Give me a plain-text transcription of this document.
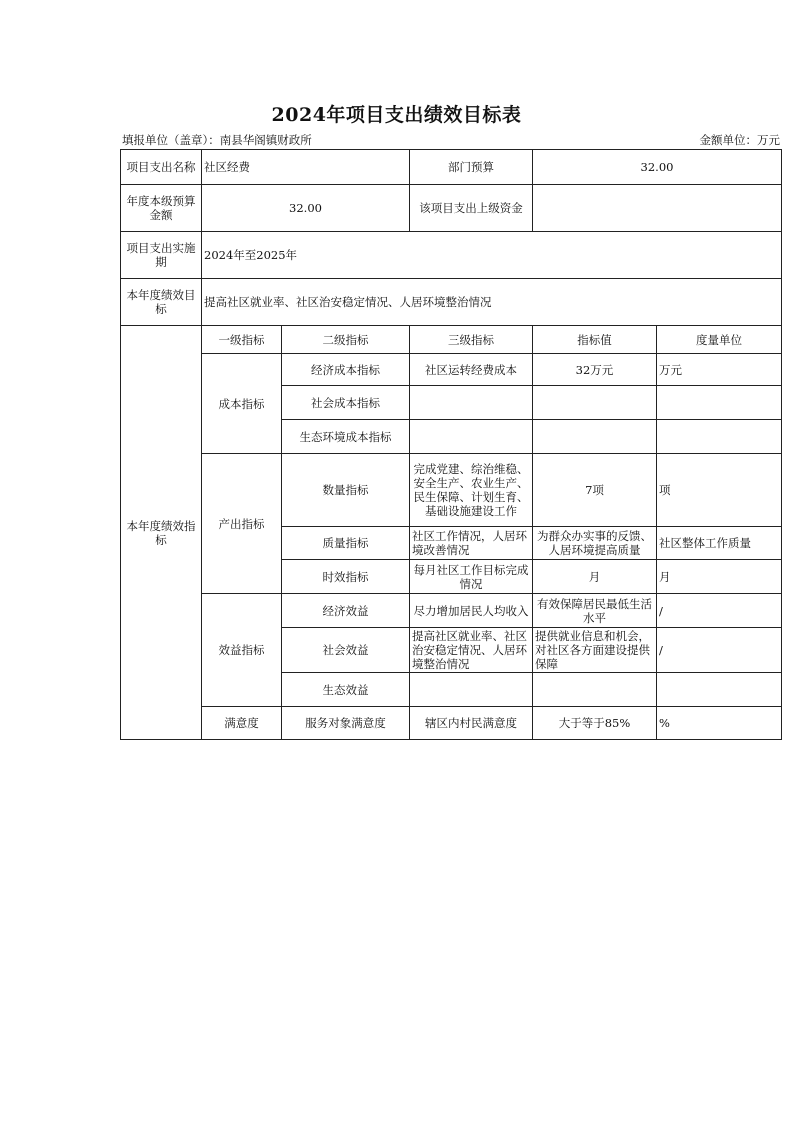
2024年项目支出绩效目标表
填报单位（盖章）：南县华阁镇财政所	金额单位：万元
项目支出名称	社区经费		部门预算	32.00	
年度本级预算金额	32.00		该项目支出上级资金		
项目支出实施期	2024年至2025年				
本年度绩效目标	提高社区就业率、社区治安稳定情况、人居环境整治情况				
本年度绩效指标	一级指标	二级指标	三级指标	指标值	度量单位
	成本指标	经济成本指标	社区运转经费成本	32万元	万元
		社会成本指标			
		生态环境成本指标			
	产出指标	数量指标	完成党建、综治维稳、安全生产、农业生产、民生保障、计划生育、基础设施建设工作	7项	项
		质量指标	社区工作情况，人居环境改善情况	为群众办实事的反馈、人居环境提高质量	社区整体工作质量
		时效指标	每月社区工作目标完成情况	月	月
	效益指标	经济效益	尽力增加居民人均收入	有效保障居民最低生活水平	/
		社会效益	提高社区就业率、社区治安稳定情况、人居环境整治情况	提供就业信息和机会，对社区各方面建设提供保障	/
		生态效益			
	满意度	服务对象满意度	辖区内村民满意度	大于等于85%	%
